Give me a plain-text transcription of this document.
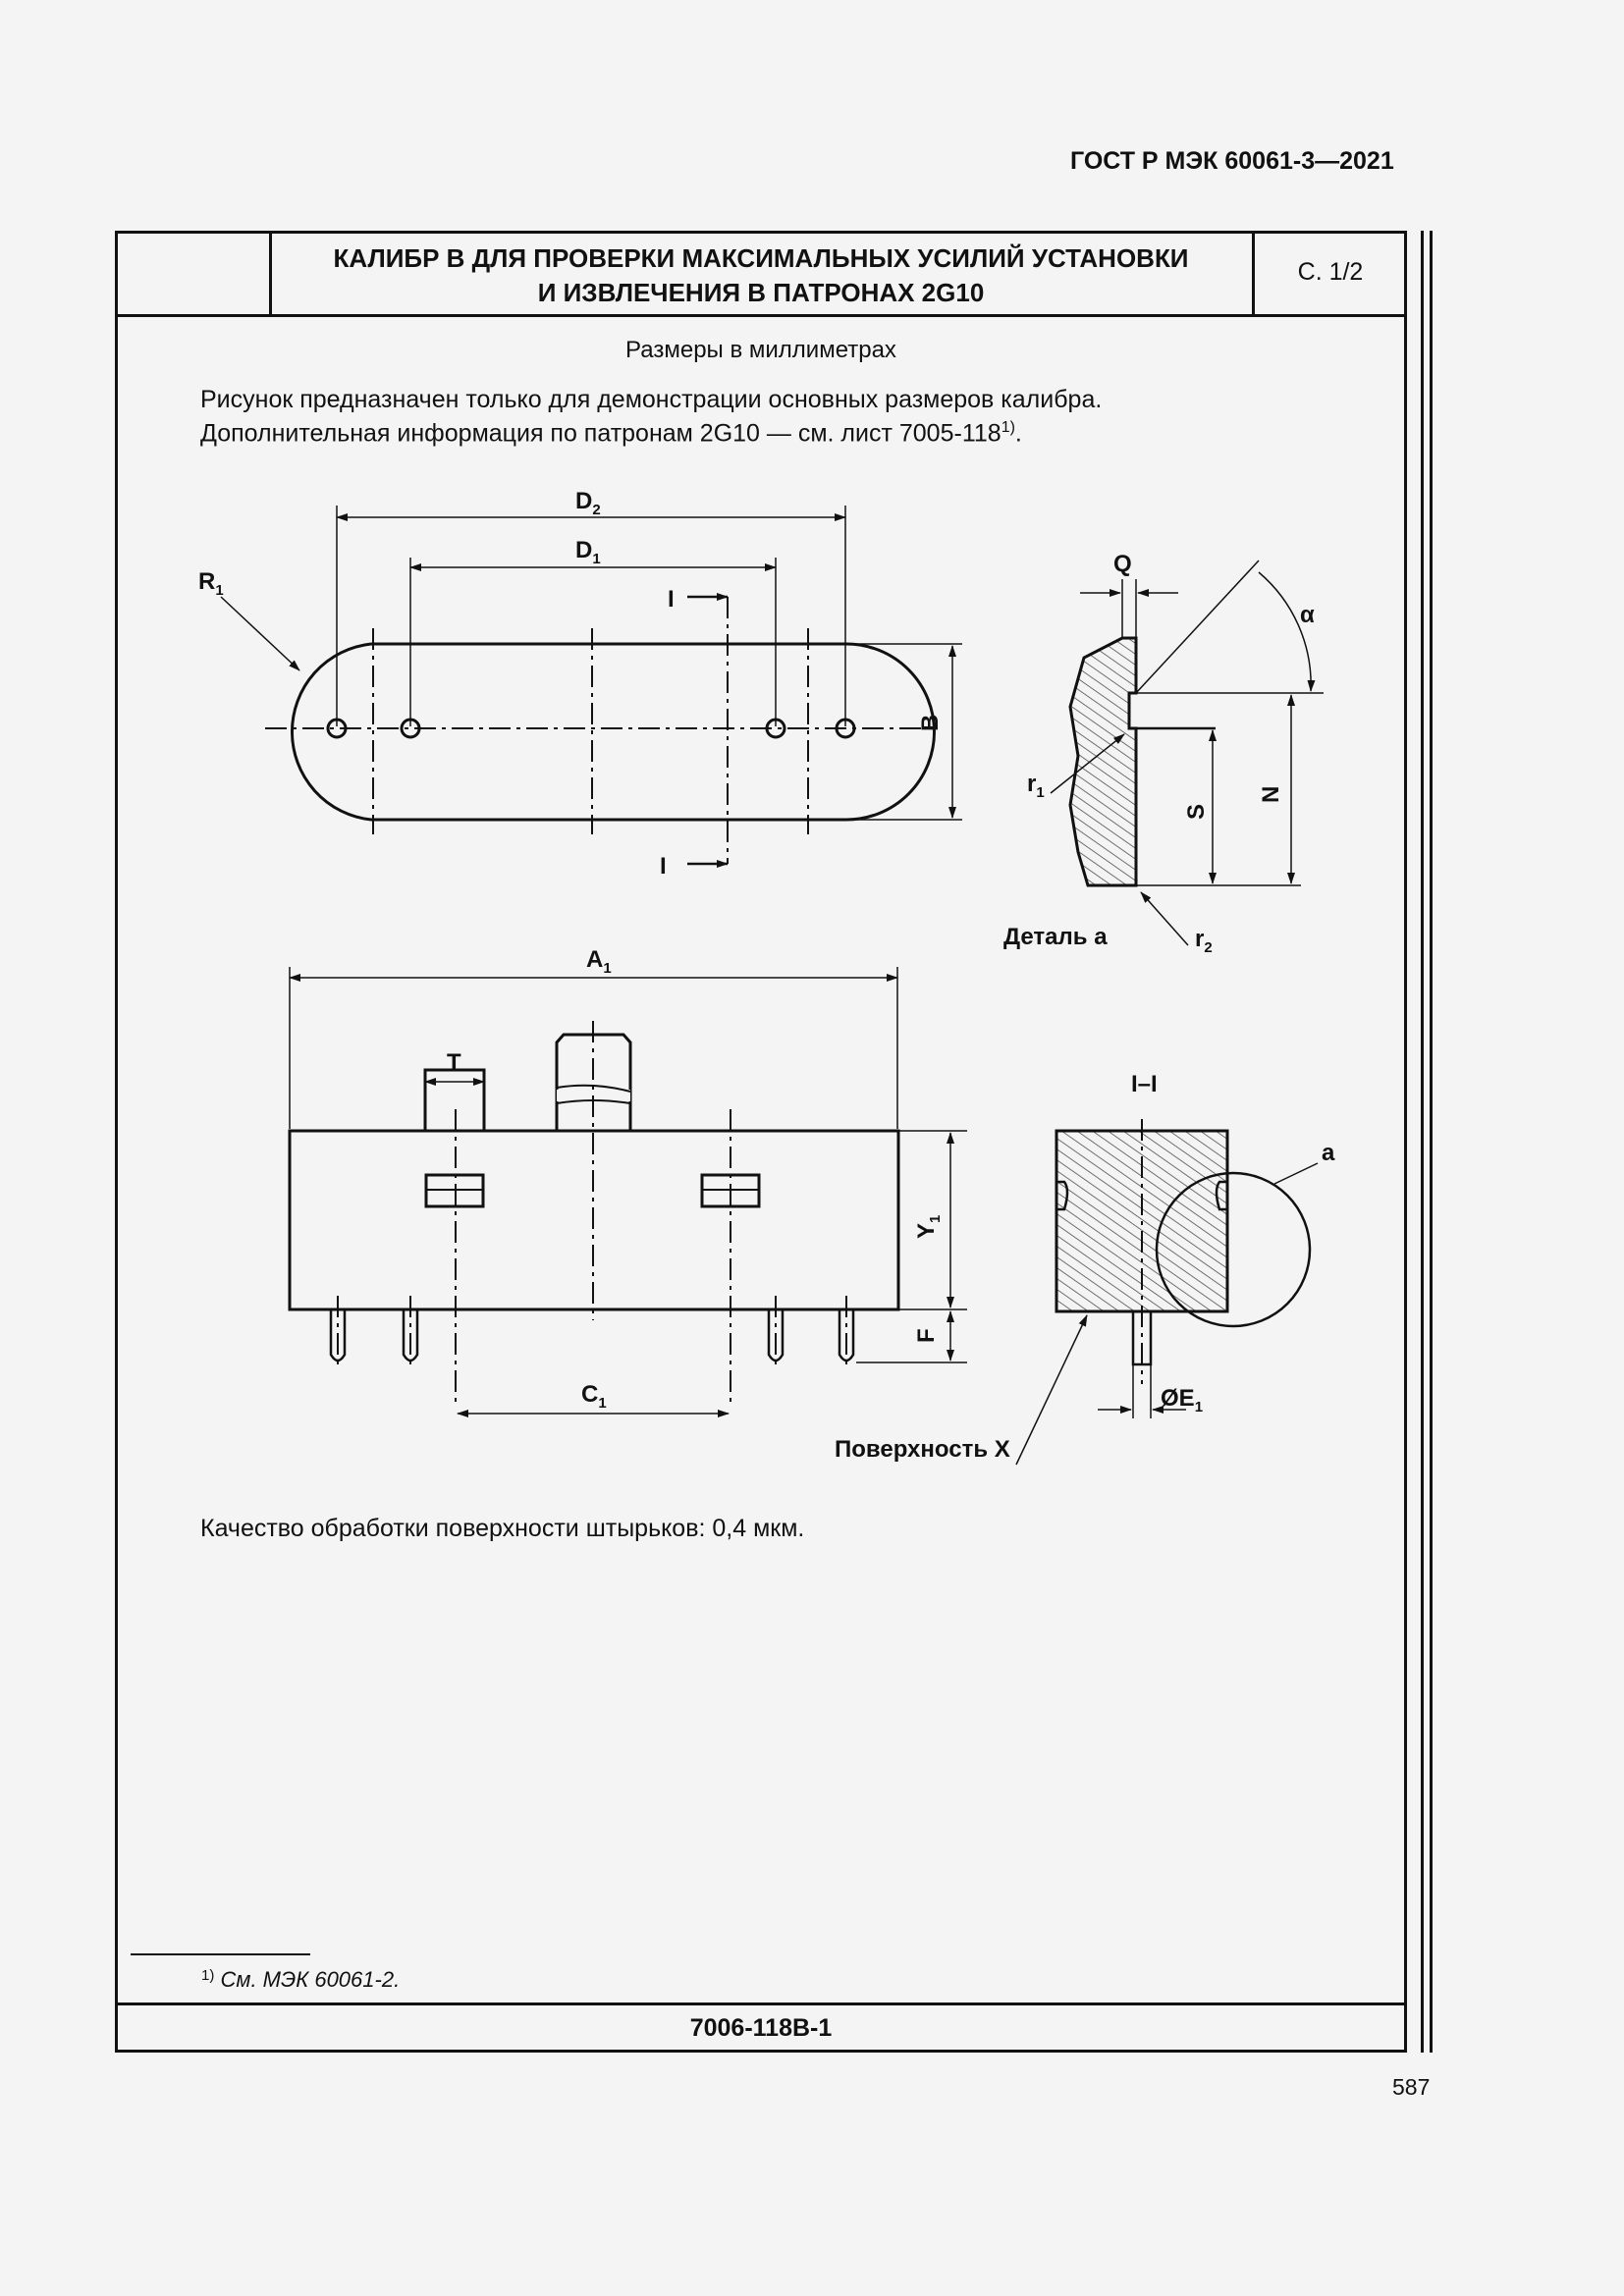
ГОСТ Р МЭК 60061-3—2021
КАЛИБР B ДЛЯ ПРОВЕРКИ МАКСИМАЛЬНЫХ УСИЛИЙ УСТАНОВКИ
И ИЗВЛЕЧЕНИЯ В ПАТРОНАХ 2G10
С. 1/2
Размеры в миллиметрах
Рисунок предназначен только для демонстрации основных размеров калибра.
Дополнительная информация по патронам 2G10 — см. лист 7005-118$^{1)}$.
$D_2$
$D_1$
$R_1$
B
I
I
Q
α
N
S
$r_1$
$r_2$
Деталь a
$A_1$
T
$Y_1$
F
$C_1$
I–I
a
$ØE_1$
Поверхность X
Качество обработки поверхности штырьков: 0,4 мкм.
$^{1)}$ См. МЭК 60061-2.
7006-118B-1
587
